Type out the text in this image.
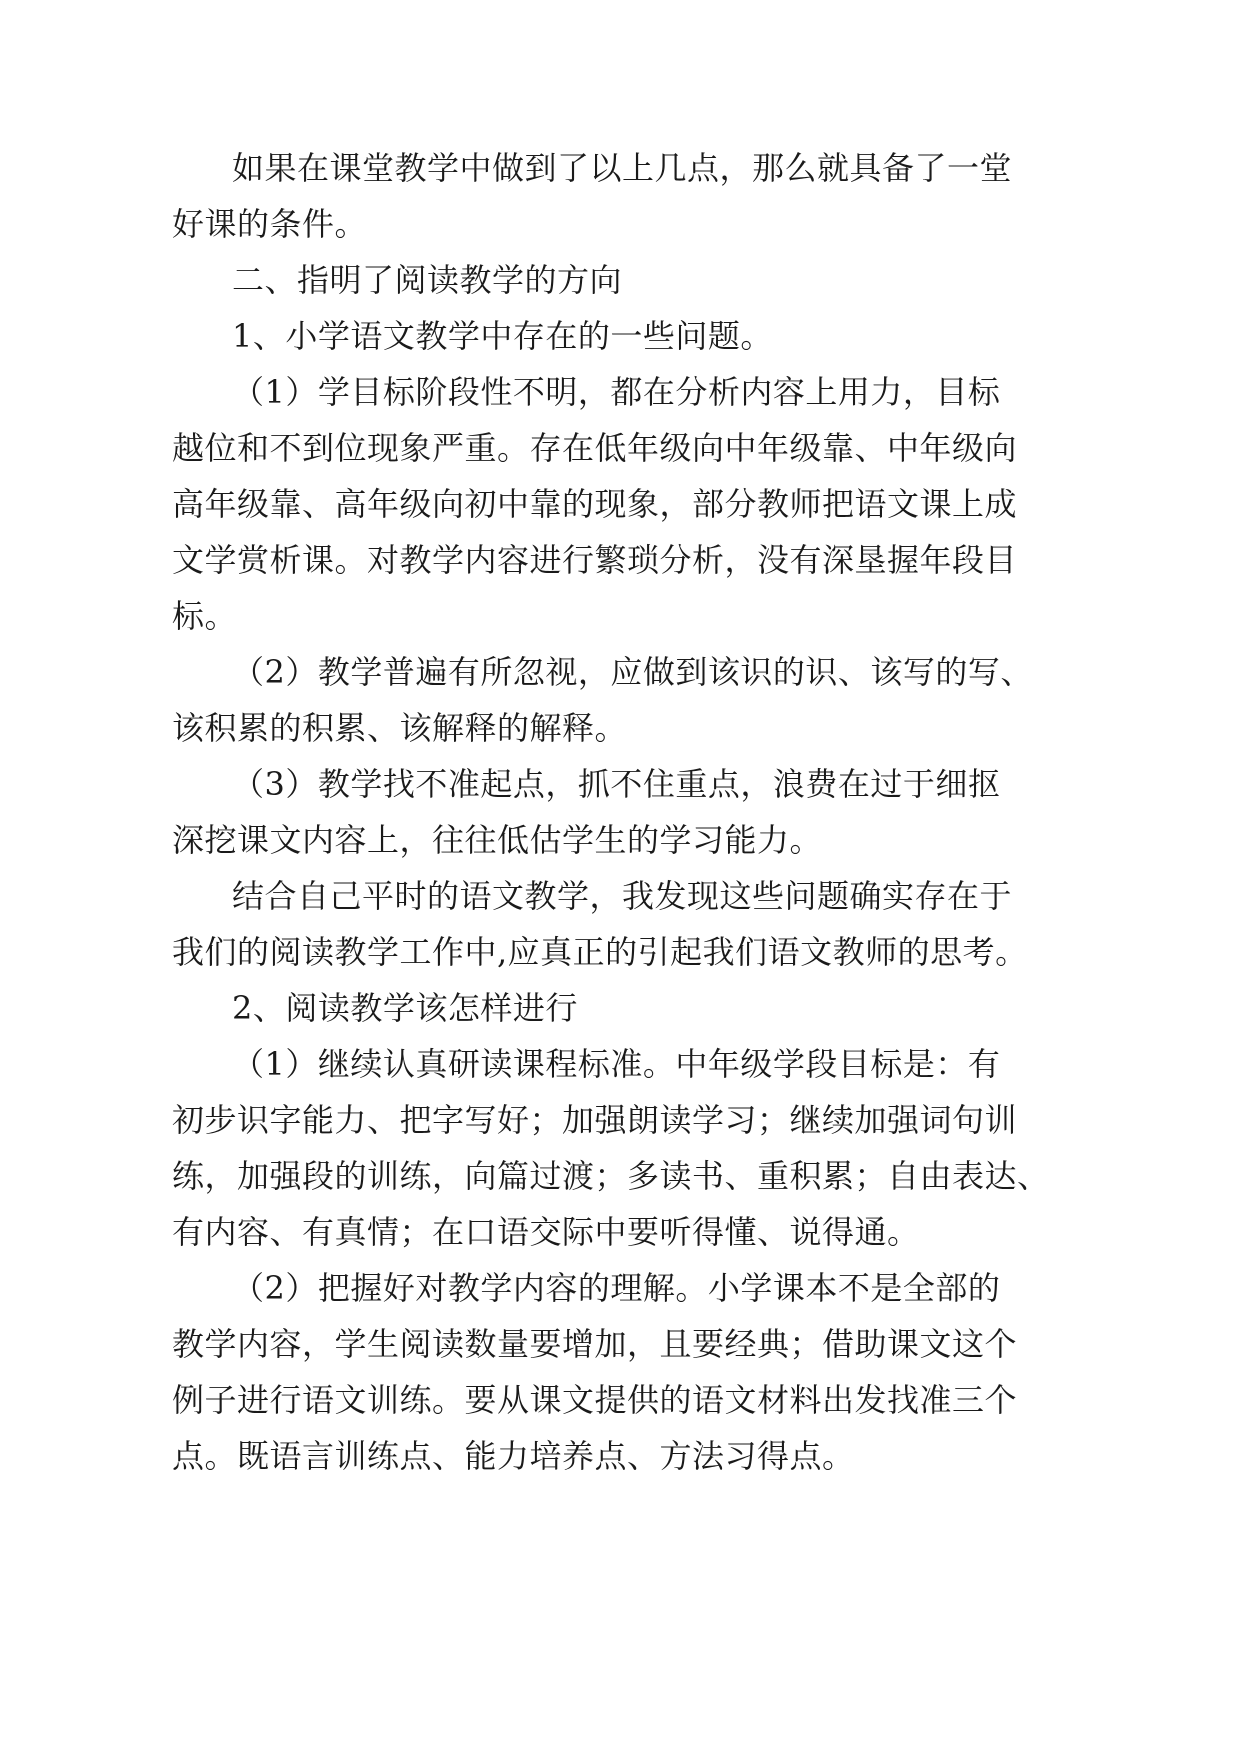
如果在课堂教学中做到了以上几点，那么就具备了一堂

好课的条件。

二、指明了阅读教学的方向

1、小学语文教学中存在的一些问题。

（1）学目标阶段性不明，都在分析内容上用力，目标

越位和不到位现象严重。存在低年级向中年级靠、中年级向

高年级靠、高年级向初中靠的现象，部分教师把语文课上成

文学赏析课。对教学内容进行繁琐分析，没有深垦握年段目

标。

（2）教学普遍有所忽视，应做到该识的识、该写的写、

该积累的积累、该解释的解释。

（3）教学找不准起点，抓不住重点，浪费在过于细抠

深挖课文内容上，往往低估学生的学习能力。

结合自己平时的语文教学，我发现这些问题确实存在于

我们的阅读教学工作中,应真正的引起我们语文教师的思考。

2、阅读教学该怎样进行

（1）继续认真研读课程标准。中年级学段目标是：有

初步识字能力、把字写好；加强朗读学习；继续加强词句训

练，加强段的训练，向篇过渡；多读书、重积累；自由表达、

有内容、有真情；在口语交际中要听得懂、说得通。

（2）把握好对教学内容的理解。小学课本不是全部的

教学内容，学生阅读数量要增加，且要经典；借助课文这个

例子进行语文训练。要从课文提供的语文材料出发找准三个

点。既语言训练点、能力培养点、方法习得点。
